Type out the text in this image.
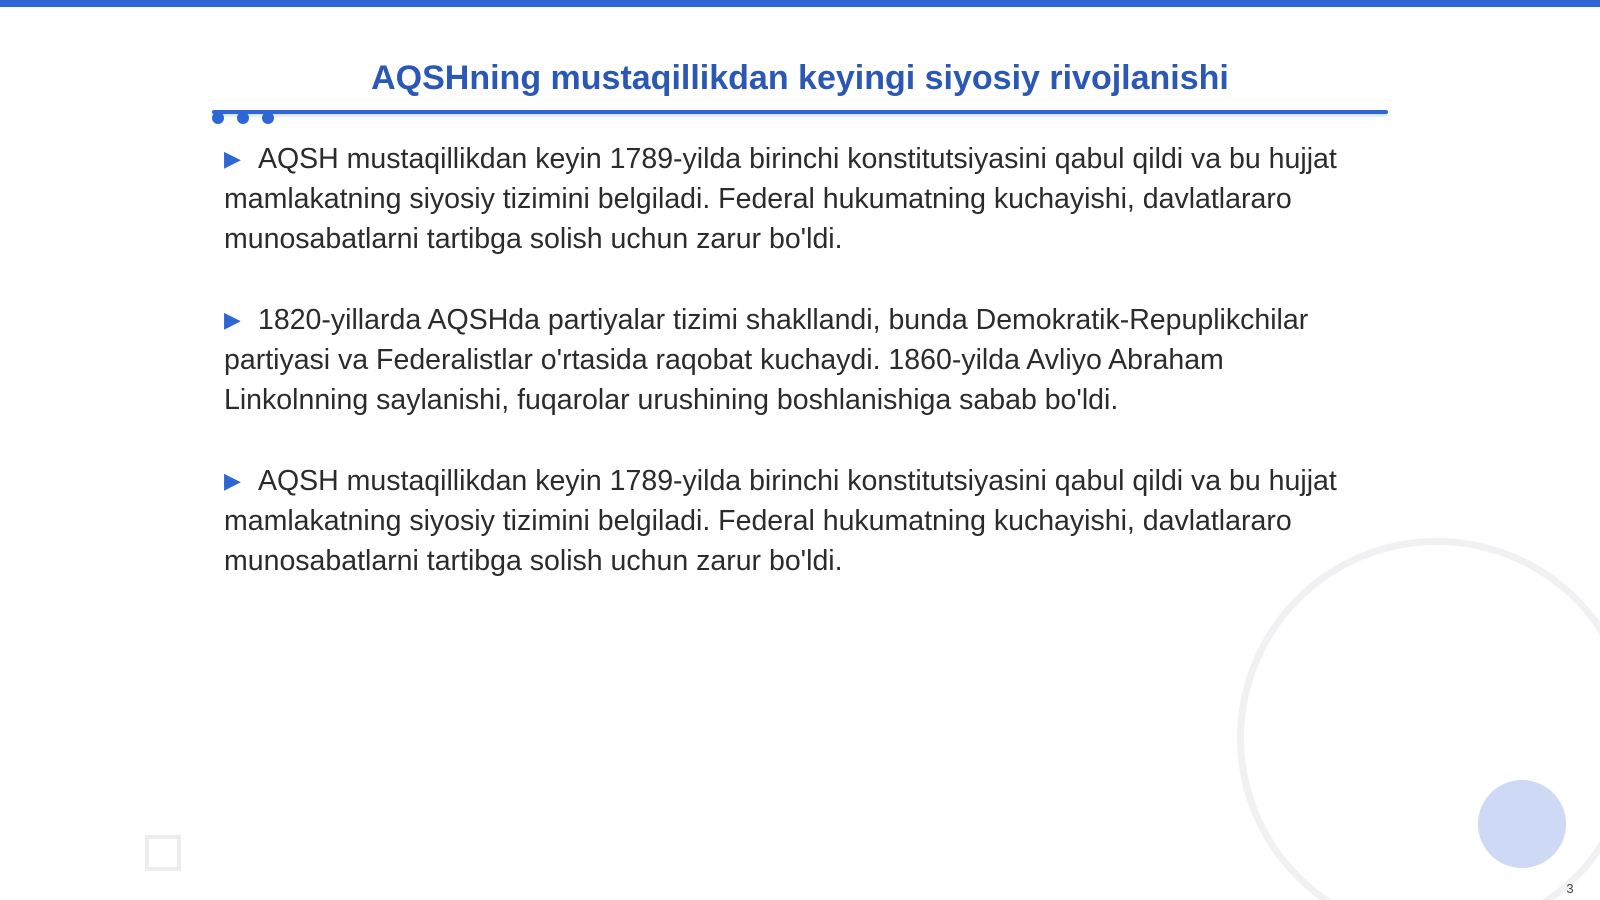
AQSHning mustaqillikdan keyingi siyosiy rivojlanishi
▶ AQSH mustaqillikdan keyin 1789-yilda birinchi konstitutsiyasini qabul qildi va bu hujjat mamlakatning siyosiy tizimini belgiladi. Federal hukumatning kuchayishi, davlatlararo munosabatlarni tartibga solish uchun zarur bo'ldi.
▶ 1820-yillarda AQSHda partiyalar tizimi shakllandi, bunda Demokratik-Repuplikchilar partiyasi va Federalistlar o'rtasida raqobat kuchaydi. 1860-yilda Avliyo Abraham Linkolnning saylanishi, fuqarolar urushining boshlanishiga sabab bo'ldi.
▶ AQSH mustaqillikdan keyin 1789-yilda birinchi konstitutsiyasini qabul qildi va bu hujjat mamlakatning siyosiy tizimini belgiladi. Federal hukumatning kuchayishi, davlatlararo munosabatlarni tartibga solish uchun zarur bo'ldi.
3
